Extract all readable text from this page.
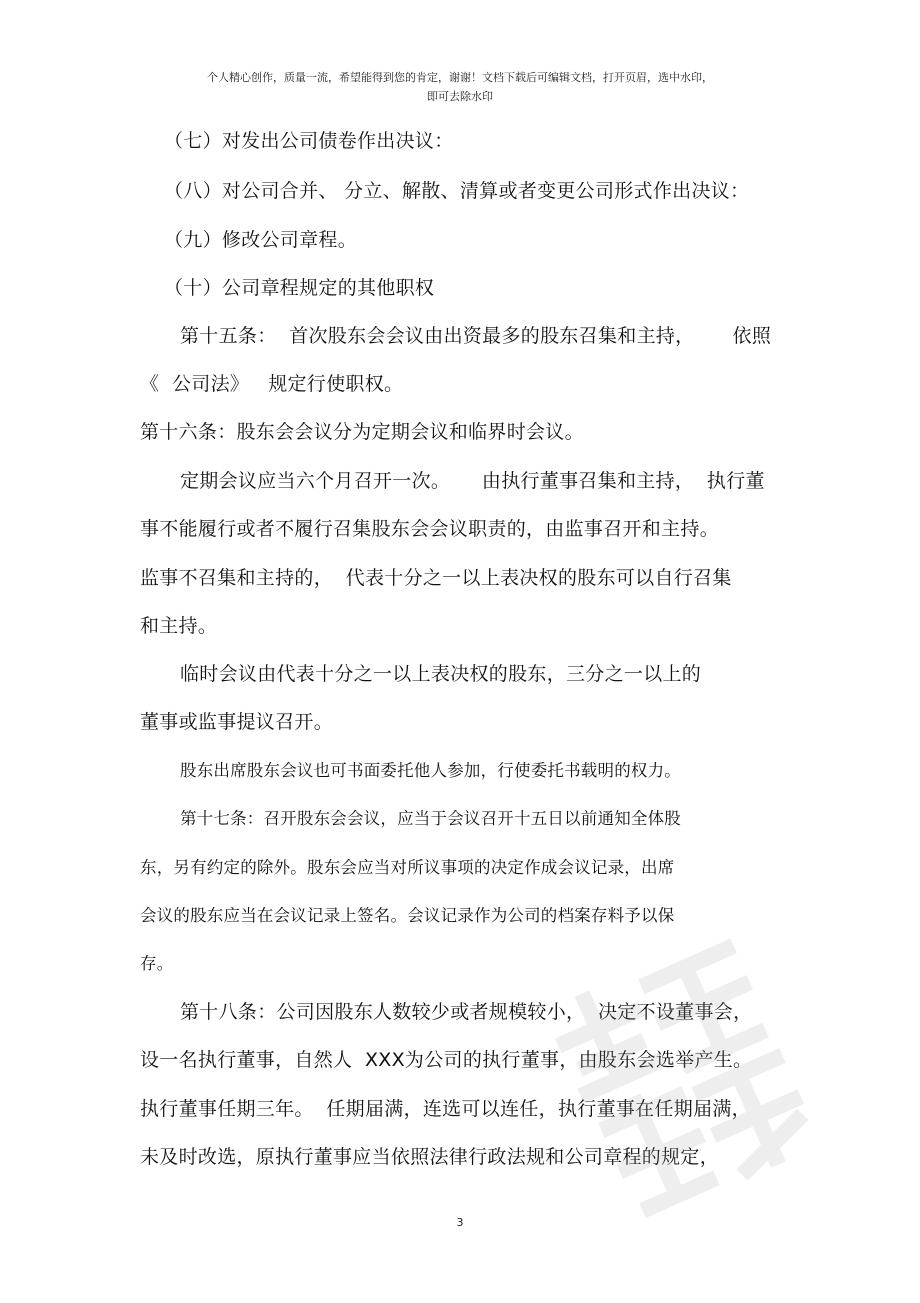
个人精心创作，质量一流，希望能得到您的肯定，谢谢！文档下载后可编辑文档，打开页眉，选中水印，
即可去除水印
（七）对发出公司债卷作出决议：
（八）对公司合并、 分立、解散、清算或者变更公司形式作出决议：
（九）修改公司章程。
（十）公司章程规定的其他职权
第十五条：  首次股东会会议由出资最多的股东召集和主持，      依照
《  公司法》   规定行使职权。
第十六条：股东会会议分为定期会议和临界时会议。
定期会议应当六个月召开一次。     由执行董事召集和主持，  执行董
事不能履行或者不履行召集股东会会议职责的，由监事召开和主持。
监事不召集和主持的，  代表十分之一以上表决权的股东可以自行召集
和主持。
临时会议由代表十分之一以上表决权的股东，三分之一以上的
董事或监事提议召开。
股东出席股东会议也可书面委托他人参加，行使委托书载明的权力。
第十七条：召开股东会会议，应当于会议召开十五日以前通知全体股
东，另有约定的除外。股东会应当对所议事项的决定作成会议记录，出席
会议的股东应当在会议记录上签名。会议记录作为公司的档案存料予以保
存。
第十八条：公司因股东人数较少或者规模较小，  决定不设董事会，
设一名执行董事，自然人  XXX为公司的执行董事，由股东会选举产生。
执行董事任期三年。  任期届满，连选可以连任，执行董事在任期届满，
未及时改选，原执行董事应当依照法律行政法规和公司章程的规定，
3
